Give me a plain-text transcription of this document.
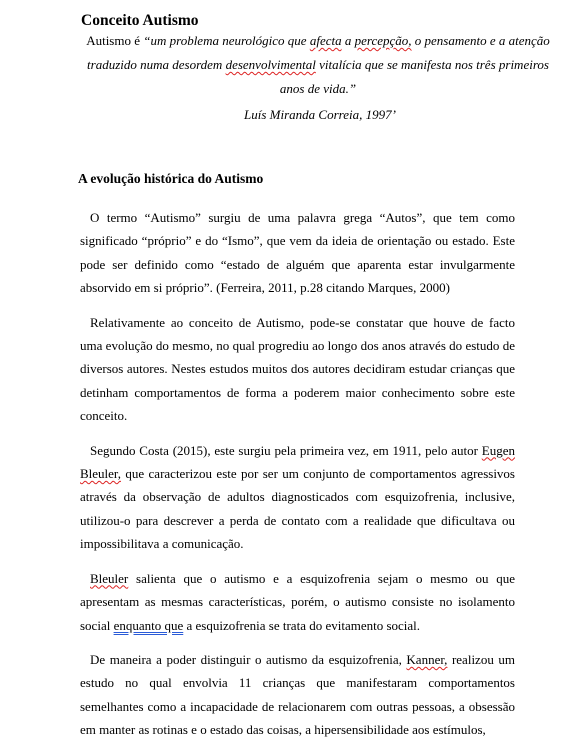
Conceito Autismo

Autismo é “um problema neurológico que afecta a percepção, o pensamento e a atenção traduzido numa desordem desenvolvimental vitalícia que se manifesta nos três primeiros anos de vida.”

Luís Miranda Correia, 1997’
A evolução histórica do Autismo

O termo “Autismo” surgiu de uma palavra grega “Autos”, que tem como significado “próprio” e do “Ismo”, que vem da ideia de orientação ou estado. Este pode ser definido como “estado de alguém que aparenta estar invulgarmente absorvido em si próprio”. (Ferreira, 2011, p.28 citando Marques, 2000)

Relativamente ao conceito de Autismo, pode-se constatar que houve de facto uma evolução do mesmo, no qual progrediu ao longo dos anos através do estudo de diversos autores. Nestes estudos muitos dos autores decidiram estudar crianças que detinham comportamentos de forma a poderem maior conhecimento sobre este conceito.

Segundo Costa (2015), este surgiu pela primeira vez, em 1911, pelo autor Eugen Bleuler, que caracterizou este por ser um conjunto de comportamentos agressivos através da observação de adultos diagnosticados com esquizofrenia, inclusive, utilizou-o para descrever a perda de contato com a realidade que dificultava ou impossibilitava a comunicação.

Bleuler salienta que o autismo e a esquizofrenia sejam o mesmo ou que apresentam as mesmas características, porém, o autismo consiste no isolamento social enquanto que a esquizofrenia se trata do evitamento social.

De maneira a poder distinguir o autismo da esquizofrenia, Kanner, realizou um estudo no qual envolvia 11 crianças que manifestaram comportamentos semelhantes como a incapacidade de relacionarem com outras pessoas, a obsessão em manter as rotinas e o estado das coisas, a hipersensibilidade aos estímulos,
